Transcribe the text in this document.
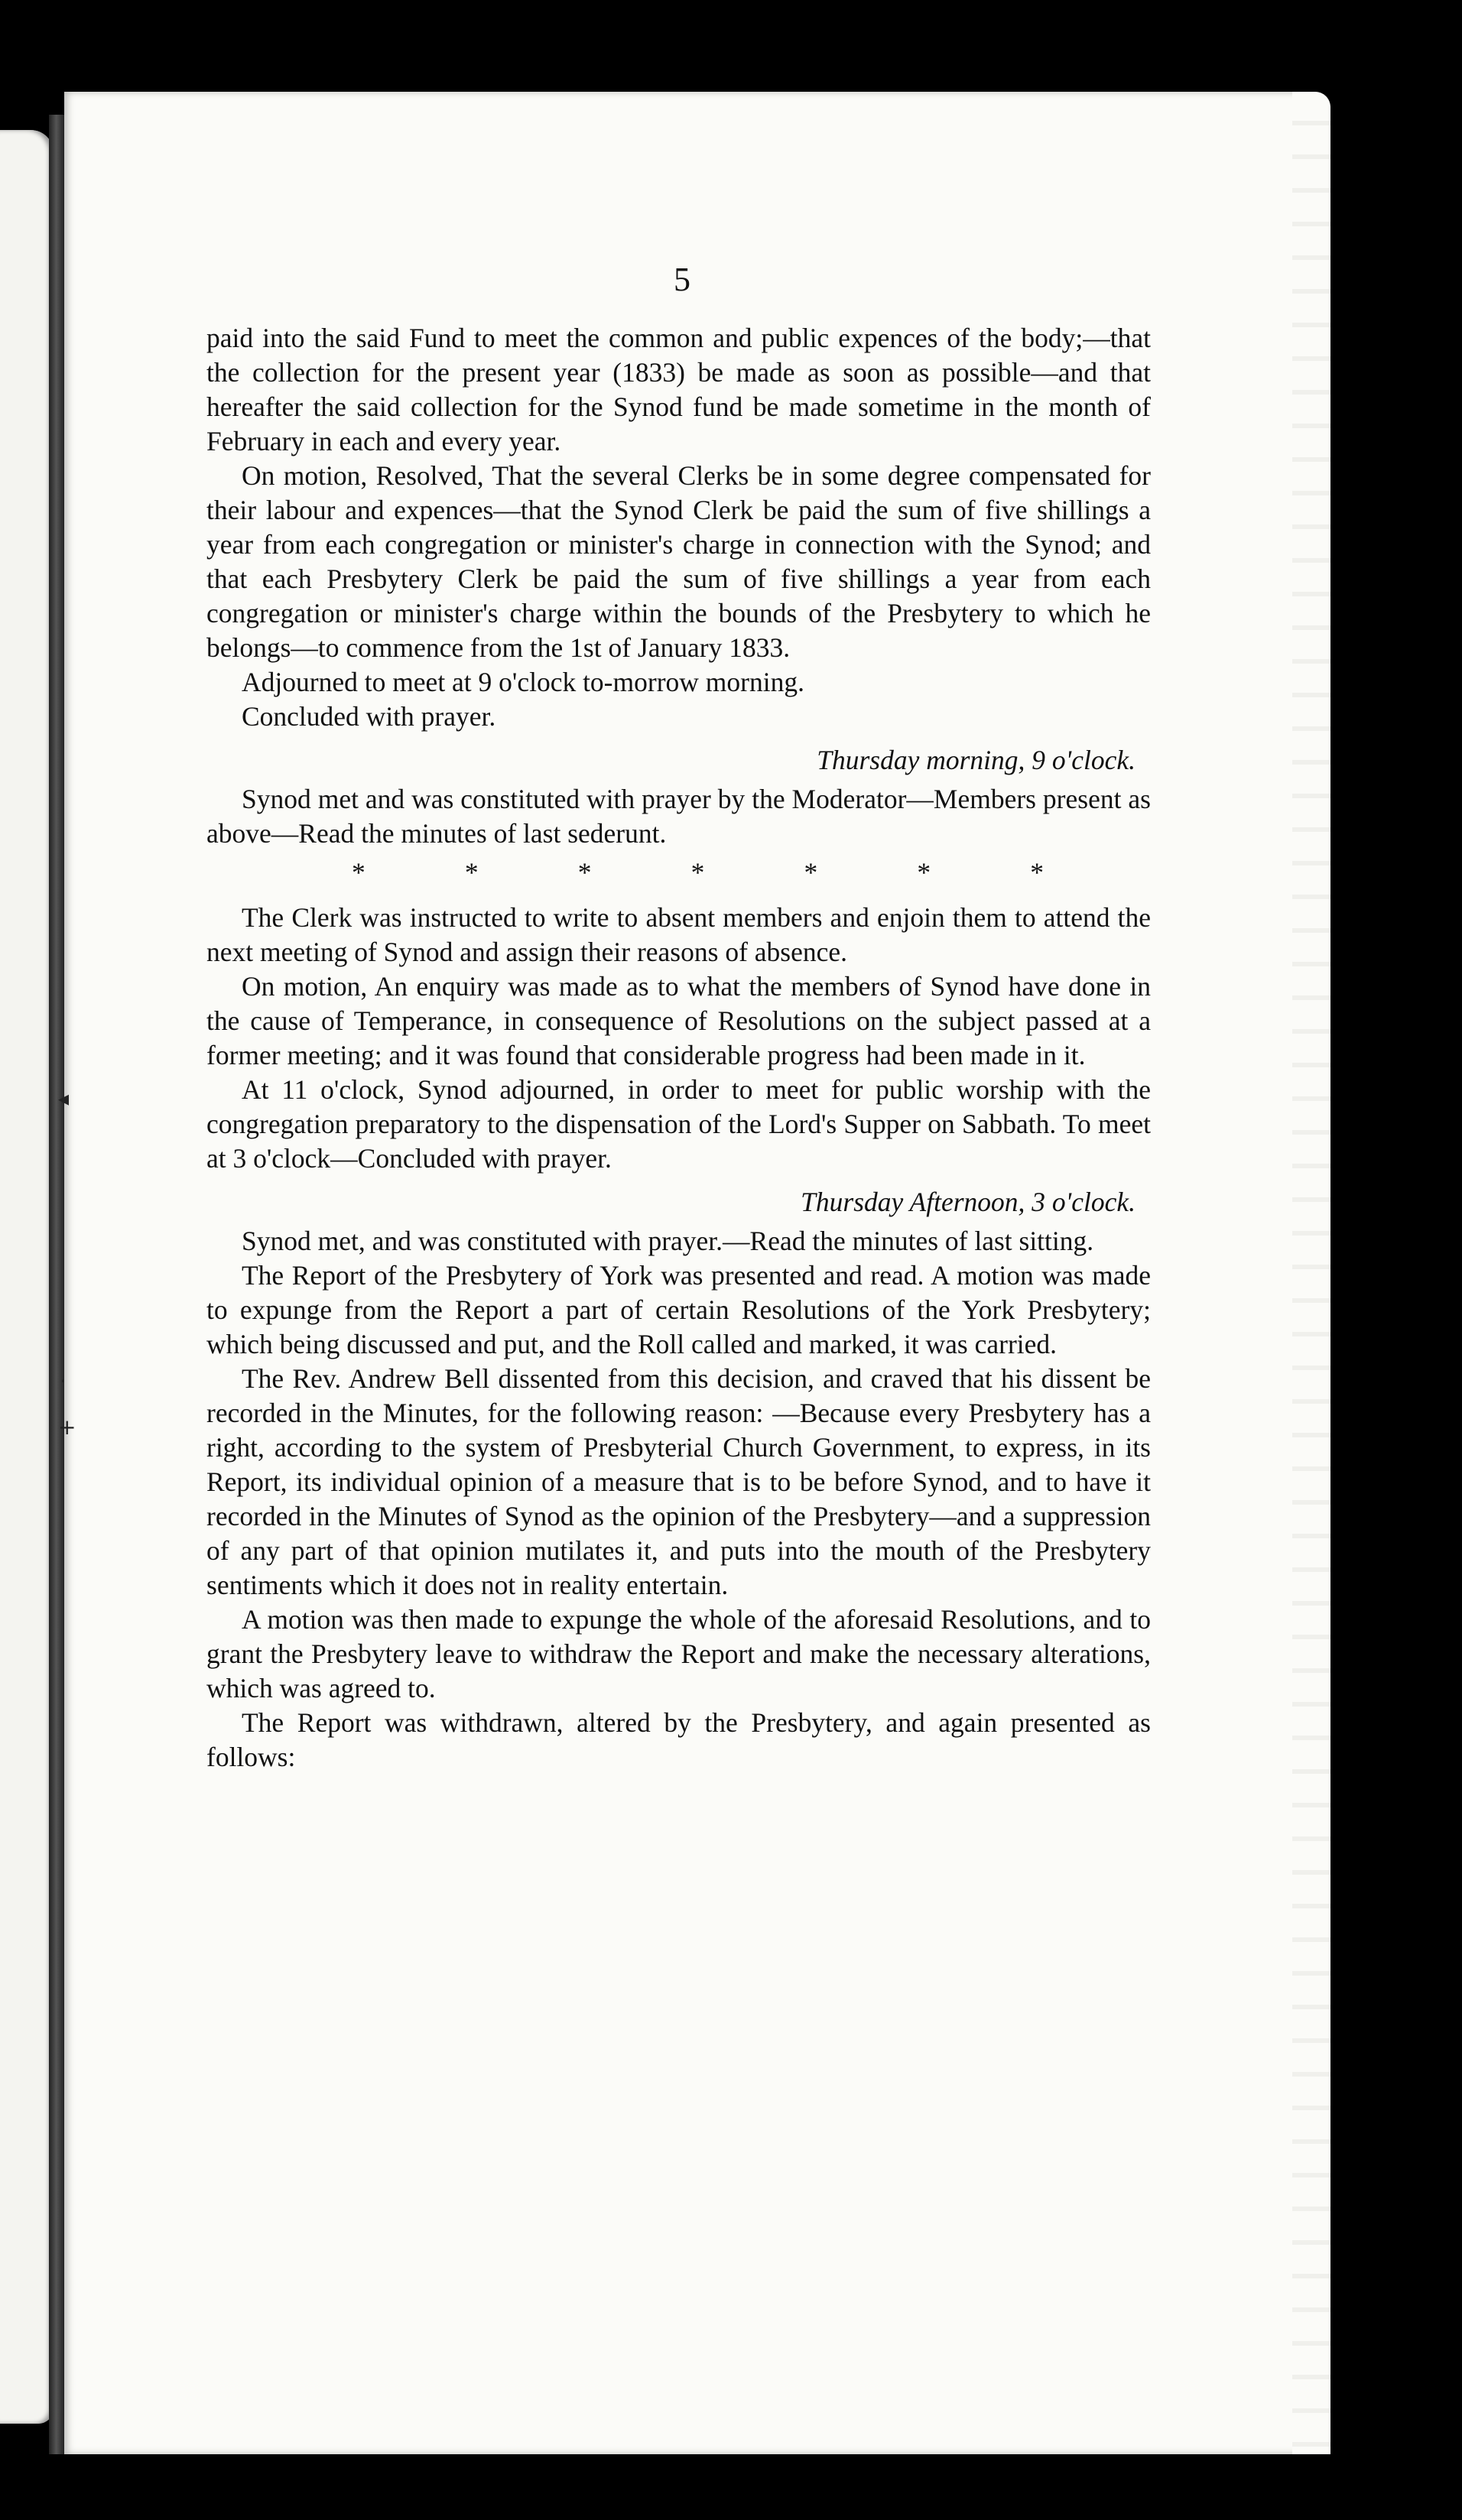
5
◂
·
+

paid into the said Fund to meet the common and public expences of the body;—that the collection for the present year (1833) be made as soon as possible—and that hereafter the said collection for the Synod fund be made sometime in the month of February in each and every year.

On motion, Resolved, That the several Clerks be in some degree compensated for their labour and expences—that the Synod Clerk be paid the sum of five shillings a year from each congregation or minister's charge in connection with the Synod; and that each Presbytery Clerk be paid the sum of five shillings a year from each congregation or minister's charge within the bounds of the Presbytery to which he belongs—to commence from the 1st of January 1833.

Adjourned to meet at 9 o'clock to-morrow morning.

Concluded with prayer.

Thursday morning, 9 o'clock.

Synod met and was constituted with prayer by the Moderator—Members present as above—Read the minutes of last sederunt.

*	*	*	*	*	*	*

The Clerk was instructed to write to absent members and enjoin them to attend the next meeting of Synod and assign their reasons of absence.

On motion, An enquiry was made as to what the members of Synod have done in the cause of Temperance, in consequence of Resolutions on the subject passed at a former meeting; and it was found that considerable progress had been made in it.

At 11 o'clock, Synod adjourned, in order to meet for public worship with the congregation preparatory to the dispensation of the Lord's Supper on Sabbath. To meet at 3 o'clock—Concluded with prayer.

Thursday Afternoon, 3 o'clock.

Synod met, and was constituted with prayer.—Read the minutes of last sitting.

The Report of the Presbytery of York was presented and read. A motion was made to expunge from the Report a part of certain Resolutions of the York Presbytery; which being discussed and put, and the Roll called and marked, it was carried.

The Rev. Andrew Bell dissented from this decision, and craved that his dissent be recorded in the Minutes, for the following reason: —Because every Presbytery has a right, according to the system of Presbyterial Church Government, to express, in its Report, its individual opinion of a measure that is to be before Synod, and to have it recorded in the Minutes of Synod as the opinion of the Presbytery—and a suppression of any part of that opinion mutilates it, and puts into the mouth of the Presbytery sentiments which it does not in reality entertain.

A motion was then made to expunge the whole of the aforesaid Resolutions, and to grant the Presbytery leave to withdraw the Report and make the necessary alterations, which was agreed to.

The Report was withdrawn, altered by the Presbytery, and again presented as follows:
